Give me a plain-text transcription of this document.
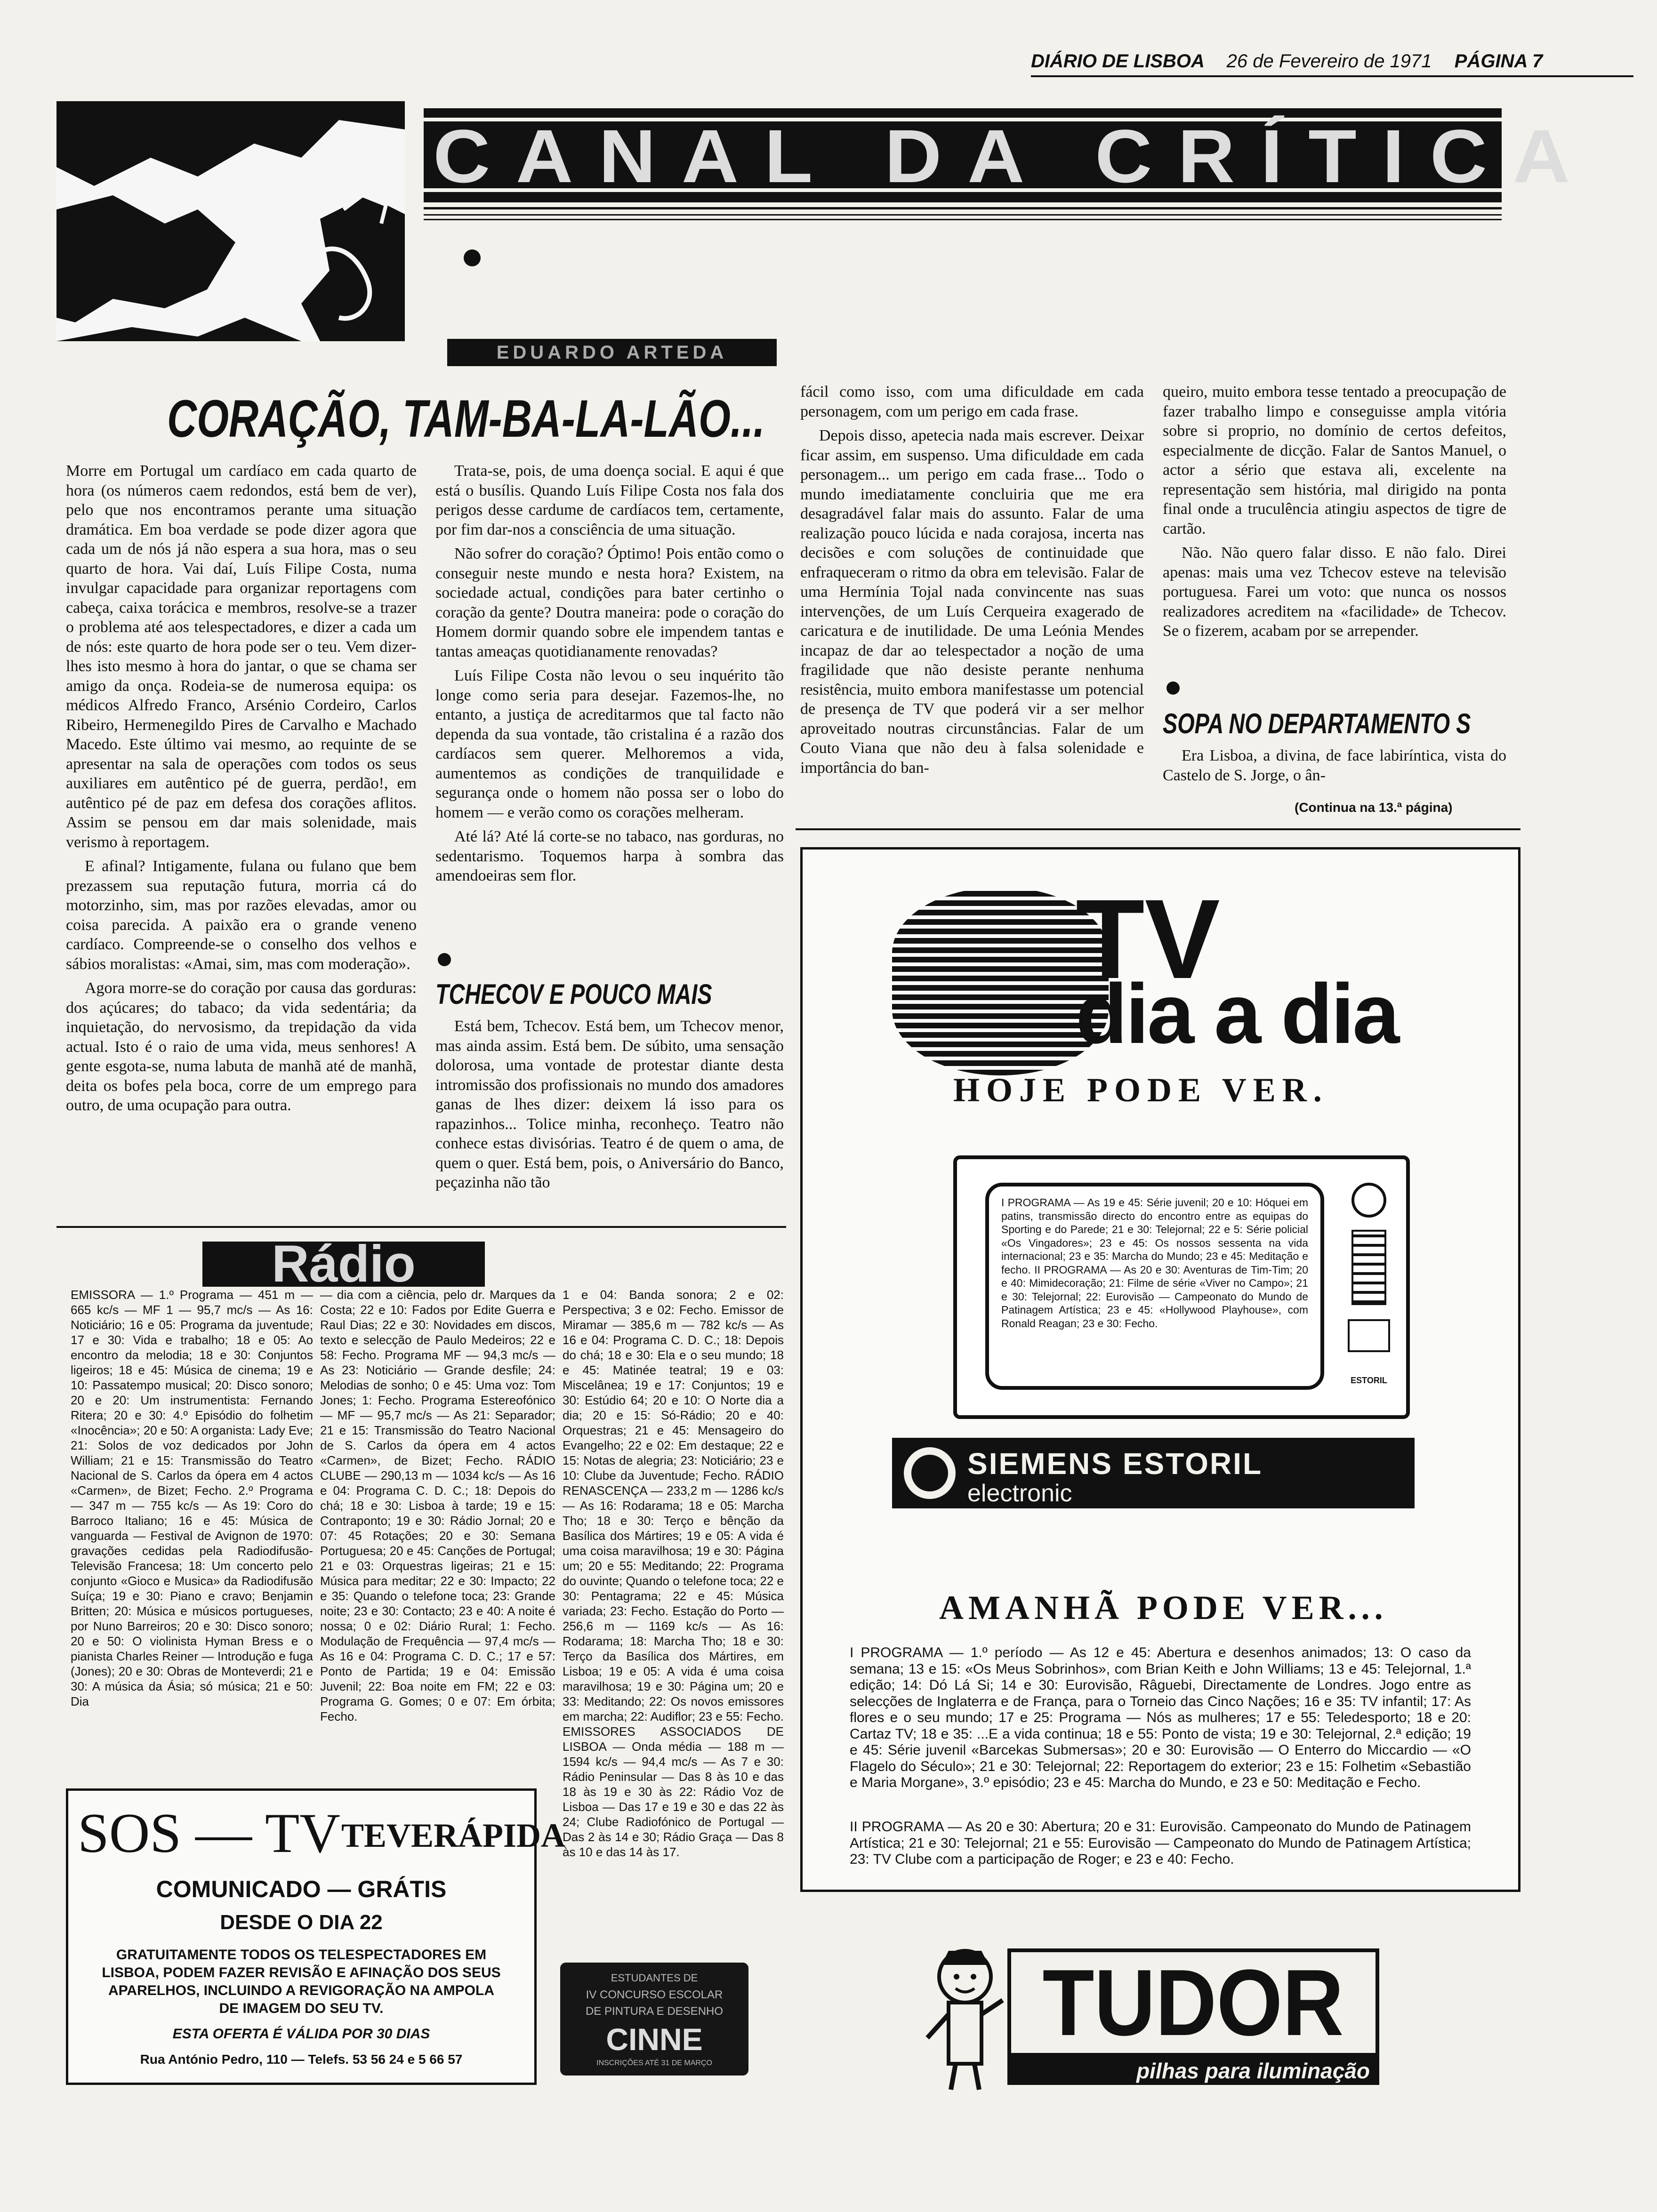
DIÁRIO DE LISBOA 26 de Fevereiro de 1971 PÁGINA 7
CANAL DA CRÍTICA
EDUARDO ARTEDA
CORAÇÃO, TAM-BA-LA-LÃO...

Morre em Portugal um cardíaco em cada quarto de hora (os números caem redondos, está bem de ver), pelo que nos encontramos perante uma situação dramática. Em boa verdade se pode dizer agora que cada um de nós já não espera a sua hora, mas o seu quarto de hora. Vai daí, Luís Filipe Costa, numa invulgar capacidade para organizar reportagens com cabeça, caixa torácica e membros, resolve-se a trazer o problema até aos telespectadores, e dizer a cada um de nós: este quarto de hora pode ser o teu. Vem dizer-lhes isto mesmo à hora do jantar, o que se chama ser amigo da onça. Rodeia-se de numerosa equipa: os médicos Alfredo Franco, Arsénio Cordeiro, Carlos Ribeiro, Hermenegildo Pires de Carvalho e Machado Macedo. Este último vai mesmo, ao requinte de se apresentar na sala de operações com todos os seus auxiliares em autêntico pé de guerra, perdão!, em autêntico pé de paz em defesa dos corações aflitos. Assim se pensou em dar mais solenidade, mais verismo à reportagem.

E afinal? Intigamente, fulana ou fulano que bem prezassem sua reputação futura, morria cá do motorzinho, sim, mas por razões elevadas, amor ou coisa parecida. A paixão era o grande veneno cardíaco. Compreende-se o conselho dos velhos e sábios moralistas: «Amai, sim, mas com moderação».

Agora morre-se do coração por causa das gorduras: dos açúcares; do tabaco; da vida sedentária; da inquietação, do nervosismo, da trepidação da vida actual. Isto é o raio de uma vida, meus senhores! A gente esgota-se, numa labuta de manhã até de manhã, deita os bofes pela boca, corre de um emprego para outro, de uma ocupação para outra.

Trata-se, pois, de uma doença social. E aqui é que está o busílis. Quando Luís Filipe Costa nos fala dos perigos desse cardume de cardíacos tem, certamente, por fim dar-nos a consciência de uma situação.

Não sofrer do coração? Óptimo! Pois então como o conseguir neste mundo e nesta hora? Existem, na sociedade actual, condições para bater certinho o coração da gente? Doutra maneira: pode o coração do Homem dormir quando sobre ele impendem tantas e tantas ameaças quotidianamente renovadas?

Luís Filipe Costa não levou o seu inquérito tão longe como seria para desejar. Fazemos-lhe, no entanto, a justiça de acreditarmos que tal facto não dependa da sua vontade, tão cristalina é a razão dos cardíacos sem querer. Melhoremos a vida, aumentemos as condições de tranquilidade e segurança onde o homem não possa ser o lobo do homem — e verão como os corações melheram.

Até lá? Até lá corte-se no tabaco, nas gorduras, no sedentarismo. Toquemos harpa à sombra das amendoeiras sem flor.

TCHECOV E POUCO MAIS

Está bem, Tchecov. Está bem, um Tchecov menor, mas ainda assim. Está bem. De súbito, uma sensação dolorosa, uma vontade de protestar diante desta intromissão dos profissionais no mundo dos amadores ganas de lhes dizer: deixem lá isso para os rapazinhos... Tolice minha, reconheço. Teatro não conhece estas divisórias. Teatro é de quem o ama, de quem o quer. Está bem, pois, o Aniversário do Banco, peçazinha não tão

fácil como isso, com uma dificuldade em cada personagem, com um perigo em cada frase.

Depois disso, apetecia nada mais escrever. Deixar ficar assim, em suspenso. Uma dificuldade em cada personagem... um perigo em cada frase... Todo o mundo imediatamente concluiria que me era desagradável falar mais do assunto. Falar de uma realização pouco lúcida e nada corajosa, incerta nas decisões e com soluções de continuidade que enfraqueceram o ritmo da obra em televisão. Falar de uma Hermínia Tojal nada convincente nas suas intervenções, de um Luís Cerqueira exagerado de caricatura e de inutilidade. De uma Leónia Mendes incapaz de dar ao telespectador a noção de uma fragilidade que não desiste perante nenhuma resistência, muito embora manifestasse um potencial de presença de TV que poderá vir a ser melhor aproveitado noutras circunstâncias. Falar de um Couto Viana que não deu à falsa solenidade e importância do ban-

queiro, muito embora tesse tentado a preocupação de fazer trabalho limpo e conseguisse ampla vitória sobre si proprio, no domínio de certos defeitos, especialmente de dicção. Falar de Santos Manuel, o actor a sério que estava ali, excelente na representação sem história, mal dirigido na ponta final onde a truculência atingiu aspectos de tigre de cartão.

Não. Não quero falar disso. E não falo. Direi apenas: mais uma vez Tchecov esteve na televisão portuguesa. Farei um voto: que nunca os nossos realizadores acreditem na «facilidade» de Tchecov. Se o fizerem, acabam por se arrepender.

SOPA NO DEPARTAMENTO S

Era Lisboa, a divina, de face labiríntica, vista do Castelo de S. Jorge, o ân-

(Continua na 13.ª página)
Rádio

EMISSORA — 1.º Programa — 451 m — 665 kc/s — MF 1 — 95,7 mc/s — As 16: Noticiário; 16 e 05: Programa da juventude; 17 e 30: Vida e trabalho; 18 e 05: Ao encontro da melodia; 18 e 30: Conjuntos ligeiros; 18 e 45: Música de cinema; 19 e 10: Passatempo musical; 20: Disco sonoro; 20 e 20: Um instrumentista: Fernando Ritera; 20 e 30: 4.º Episódio do folhetim «Inocência»; 20 e 50: A organista: Lady Eve; 21: Solos de voz dedicados por John William; 21 e 15: Transmissão do Teatro Nacional de S. Carlos da ópera em 4 actos «Carmen», de Bizet; Fecho. 2.º Programa — 347 m — 755 kc/s — As 19: Coro do Barroco Italiano; 16 e 45: Música de vanguarda — Festival de Avignon de 1970: gravações cedidas pela Radiodifusão-Televisão Francesa; 18: Um concerto pelo conjunto «Gioco e Musica» da Radiodifusão Suíça; 19 e 30: Piano e cravo; Benjamin Britten; 20: Música e músicos portugueses, por Nuno Barreiros; 20 e 30: Disco sonoro; 20 e 50: O violinista Hyman Bress e o pianista Charles Reiner — Introdução e fuga (Jones); 20 e 30: Obras de Monteverdi; 21 e 30: A música da Ásia; só música; 21 e 50: Dia

— dia com a ciência, pelo dr. Marques da Costa; 22 e 10: Fados por Edite Guerra e Raul Dias; 22 e 30: Novidades em discos, texto e selecção de Paulo Medeiros; 22 e 58: Fecho. Programa MF — 94,3 mc/s — As 23: Noticiário — Grande desfile; 24: Melodias de sonho; 0 e 45: Uma voz: Tom Jones; 1: Fecho. Programa Estereofónico — MF — 95,7 mc/s — As 21: Separador; 21 e 15: Transmissão do Teatro Nacional de S. Carlos da ópera em 4 actos «Carmen», de Bizet; Fecho. RÁDIO CLUBE — 290,13 m — 1034 kc/s — As 16 e 04: Programa C. D. C.; 18: Depois do chá; 18 e 30: Lisboa à tarde; 19 e 15: Contraponto; 19 e 30: Rádio Jornal; 20 e 07: 45 Rotações; 20 e 30: Semana Portuguesa; 20 e 45: Canções de Portugal; 21 e 03: Orquestras ligeiras; 21 e 15: Música para meditar; 22 e 30: Impacto; 22 e 35: Quando o telefone toca; 23: Grande noite; 23 e 30: Contacto; 23 e 40: A noite é nossa; 0 e 02: Diário Rural; 1: Fecho. Modulação de Frequência — 97,4 mc/s — As 16 e 04: Programa C. D. C.; 17 e 57: Ponto de Partida; 19 e 04: Emissão Juvenil; 22: Boa noite em FM; 22 e 03: Programa G. Gomes; 0 e 07: Em órbita; Fecho.

1 e 04: Banda sonora; 2 e 02: Perspectiva; 3 e 02: Fecho. Emissor de Miramar — 385,6 m — 782 kc/s — As 16 e 04: Programa C. D. C.; 18: Depois do chá; 18 e 30: Ela e o seu mundo; 18 e 45: Matinée teatral; 19 e 03: Miscelânea; 19 e 17: Conjuntos; 19 e 30: Estúdio 64; 20 e 10: O Norte dia a dia; 20 e 15: Só-Rádio; 20 e 40: Orquestras; 21 e 45: Mensageiro do Evangelho; 22 e 02: Em destaque; 22 e 15: Notas de alegria; 23: Noticiário; 23 e 10: Clube da Juventude; Fecho. RÁDIO RENASCENÇA — 233,2 m — 1286 kc/s — As 16: Rodarama; 18 e 05: Marcha Tho; 18 e 30: Terço e bênção da Basílica dos Mártires; 19 e 05: A vida é uma coisa maravilhosa; 19 e 30: Página um; 20 e 55: Meditando; 22: Programa do ouvinte; Quando o telefone toca; 22 e 30: Pentagrama; 22 e 45: Música variada; 23: Fecho. Estação do Porto — 256,6 m — 1169 kc/s — As 16: Rodarama; 18: Marcha Tho; 18 e 30: Terço da Basílica dos Mártires, em Lisboa; 19 e 05: A vida é uma coisa maravilhosa; 19 e 30: Página um; 20 e 33: Meditando; 22: Os novos emissores em marcha; 22: Audiflor; 23 e 55: Fecho. EMISSORES ASSOCIADOS DE LISBOA — Onda média — 188 m — 1594 kc/s — 94,4 mc/s — As 7 e 30: Rádio Peninsular — Das 8 às 10 e das 18 às 19 e 30 às 22: Rádio Voz de Lisboa — Das 17 e 19 e 30 e das 22 às 24; Clube Radiofónico de Portugal — Das 2 às 14 e 30; Rádio Graça — Das 8 às 10 e das 14 às 17.

SOS — TV TEVERÁPIDA
COMUNICADO — GRÁTIS
DESDE O DIA 22
GRATUITAMENTE TODOS OS TELESPECTADORES EM LISBOA, PODEM FAZER REVISÃO E AFINAÇÃO DOS SEUS APARELHOS, INCLUINDO A REVIGORAÇÃO NA AMPOLA DE IMAGEM DO SEU TV.
ESTA OFERTA É VÁLIDA POR 30 DIAS
Rua António Pedro, 110 — Telefs. 53 56 24 e 5 66 57
ESTUDANTES DE
IV CONCURSO ESCOLAR
DE PINTURA E DESENHO
CINNE
INSCRIÇÕES ATÉ 31 DE MARÇO
TV
dia a dia
HOJE PODE VER.
I PROGRAMA — As 19 e 45: Série juvenil; 20 e 10: Hóquei em patins, transmissão directo do encontro entre as equipas do Sporting e do Parede; 21 e 30: Telejornal; 22 e 5: Série policial «Os Vingadores»; 23 e 45: Os nossos sessenta na vida internacional; 23 e 35: Marcha do Mundo; 23 e 45: Meditação e fecho. II PROGRAMA — As 20 e 30: Aventuras de Tim-Tim; 20 e 40: Mimidecoração; 21: Filme de série «Viver no Campo»; 21 e 30: Telejornal; 22: Eurovisão — Campeonato do Mundo de Patinagem Artística; 23 e 45: «Hollywood Playhouse», com Ronald Reagan; 23 e 30: Fecho.
ESTORIL
SIEMENS ESTORIL
electronic
AMANHÃ PODE VER...
I PROGRAMA — 1.º período — As 12 e 45: Abertura e desenhos animados; 13: O caso da semana; 13 e 15: «Os Meus Sobrinhos», com Brian Keith e John Williams; 13 e 45: Telejornal, 1.ª edição; 14: Dó Lá Si; 14 e 30: Eurovisão, Râguebi, Directamente de Londres. Jogo entre as selecções de Inglaterra e de França, para o Torneio das Cinco Nações; 16 e 35: TV infantil; 17: As flores e o seu mundo; 17 e 25: Programa — Nós as mulheres; 17 e 55: Teledesporto; 18 e 20: Cartaz TV; 18 e 35: ...E a vida continua; 18 e 55: Ponto de vista; 19 e 30: Telejornal, 2.ª edição; 19 e 45: Série juvenil «Barcekas Submersas»; 20 e 30: Eurovisão — O Enterro do Miccardio — «O Flagelo do Século»; 21 e 30: Telejornal; 22: Reportagem do exterior; 23 e 15: Folhetim «Sebastião e Maria Morgane», 3.º episódio; 23 e 45: Marcha do Mundo, e 23 e 50: Meditação e Fecho.
II PROGRAMA — As 20 e 30: Abertura; 20 e 31: Eurovisão. Campeonato do Mundo de Patinagem Artística; 21 e 30: Telejornal; 21 e 55: Eurovisão — Campeonato do Mundo de Patinagem Artística; 23: TV Clube com a participação de Roger; e 23 e 40: Fecho.
TUDOR
pilhas para iluminação
